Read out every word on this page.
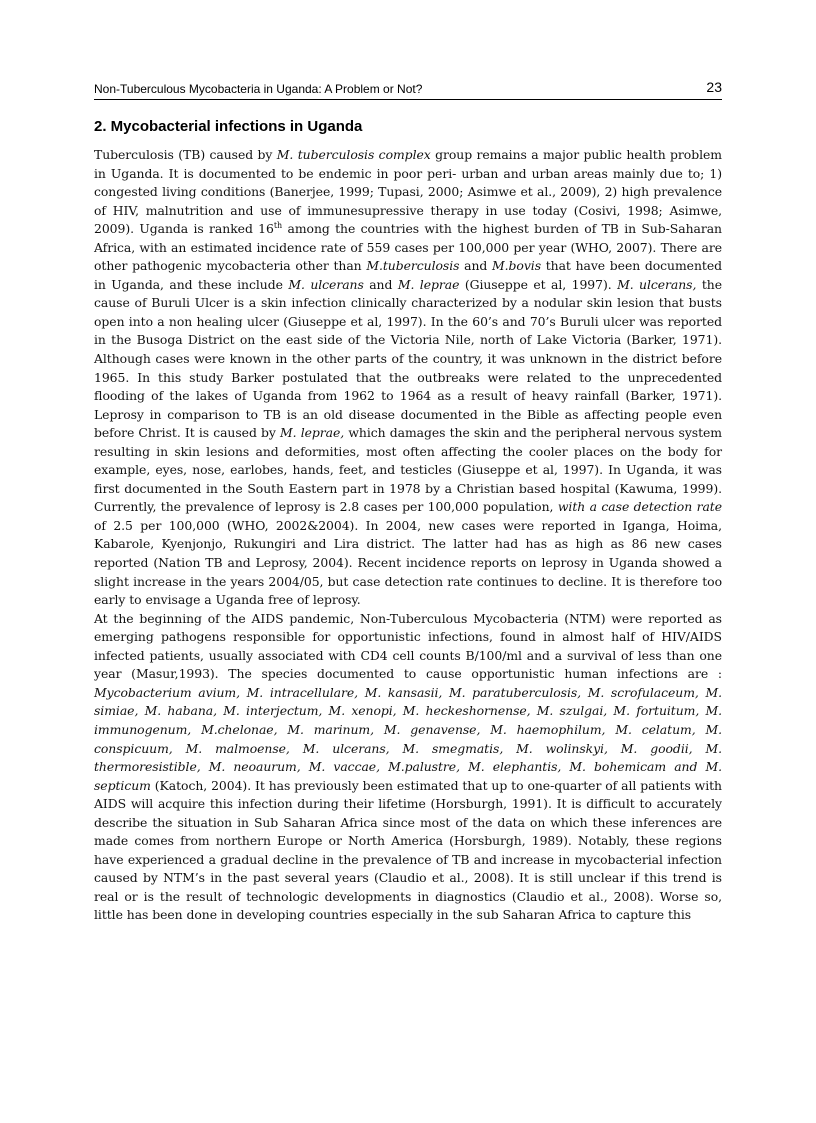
Non-Tuberculous Mycobacteria in Uganda: A Problem or Not?	23
2. Mycobacterial infections in Uganda

Tuberculosis (TB) caused by M. tuberculosis complex group remains a major public health problem in Uganda. It is documented to be endemic in poor peri- urban and urban areas mainly due to; 1) congested living conditions (Banerjee, 1999; Tupasi, 2000; Asimwe et al., 2009), 2) high prevalence of HIV, malnutrition and use of immunesupressive therapy in use today (Cosivi, 1998; Asimwe, 2009). Uganda is ranked 16th among the countries with the highest burden of TB in Sub-Saharan Africa, with an estimated incidence rate of 559 cases per 100,000 per year (WHO, 2007). There are other pathogenic mycobacteria other than M.tuberculosis and M.bovis that have been documented in Uganda, and these include M. ulcerans and M. leprae (Giuseppe et al, 1997). M. ulcerans, the cause of Buruli Ulcer is a skin infection clinically characterized by a nodular skin lesion that busts open into a non healing ulcer (Giuseppe et al, 1997). In the 60’s and 70’s Buruli ulcer was reported in the Busoga District on the east side of the Victoria Nile, north of Lake Victoria (Barker, 1971). Although cases were known in the other parts of the country, it was unknown in the district before 1965. In this study Barker postulated that the outbreaks were related to the unprecedented flooding of the lakes of Uganda from 1962 to 1964 as a result of heavy rainfall (Barker, 1971). Leprosy in comparison to TB is an old disease documented in the Bible as affecting people even before Christ. It is caused by M. leprae, which damages the skin and the peripheral nervous system resulting in skin lesions and deformities, most often affecting the cooler places on the body for example, eyes, nose, earlobes, hands, feet, and testicles (Giuseppe et al, 1997). In Uganda, it was first documented in the South Eastern part in 1978 by a Christian based hospital (Kawuma, 1999). Currently, the prevalence of leprosy is 2.8 cases per 100,000 population, with a case detection rate of 2.5 per 100,000 (WHO, 2002&2004). In 2004, new cases were reported in Iganga, Hoima, Kabarole, Kyenjonjo, Rukungiri and Lira district. The latter had has as high as 86 new cases reported (Nation TB and Leprosy, 2004). Recent incidence reports on leprosy in Uganda showed a slight increase in the years 2004/05, but case detection rate continues to decline. It is therefore too early to envisage a Uganda free of leprosy.

At the beginning of the AIDS pandemic, Non-Tuberculous Mycobacteria (NTM) were reported as emerging pathogens responsible for opportunistic infections, found in almost half of HIV/AIDS infected patients, usually associated with CD4 cell counts B/100/ml and a survival of less than one year (Masur,1993). The species documented to cause opportunistic human infections are : Mycobacterium avium, M. intracellulare, M. kansasii, M. paratuberculosis, M. scrofulaceum, M. simiae, M. habana, M. interjectum, M. xenopi, M. heckeshornense, M. szulgai, M. fortuitum, M. immunogenum, M.chelonae, M. marinum, M. genavense, M. haemophilum, M. celatum, M. conspicuum, M. malmoense, M. ulcerans, M. smegmatis, M. wolinskyi, M. goodii, M. thermoresistible, M. neoaurum, M. vaccae, M.palustre, M. elephantis, M. bohemicam and M. septicum (Katoch, 2004). It has previously been estimated that up to one-quarter of all patients with AIDS will acquire this infection during their lifetime (Horsburgh, 1991). It is difficult to accurately describe the situation in Sub Saharan Africa since most of the data on which these inferences are made comes from northern Europe or North America (Horsburgh, 1989). Notably, these regions have experienced a gradual decline in the prevalence of TB and increase in mycobacterial infection caused by NTM’s in the past several years (Claudio et al., 2008). It is still unclear if this trend is real or is the result of technologic developments in diagnostics (Claudio et al., 2008). Worse so, little has been done in developing countries especially in the sub Saharan Africa to capture this
